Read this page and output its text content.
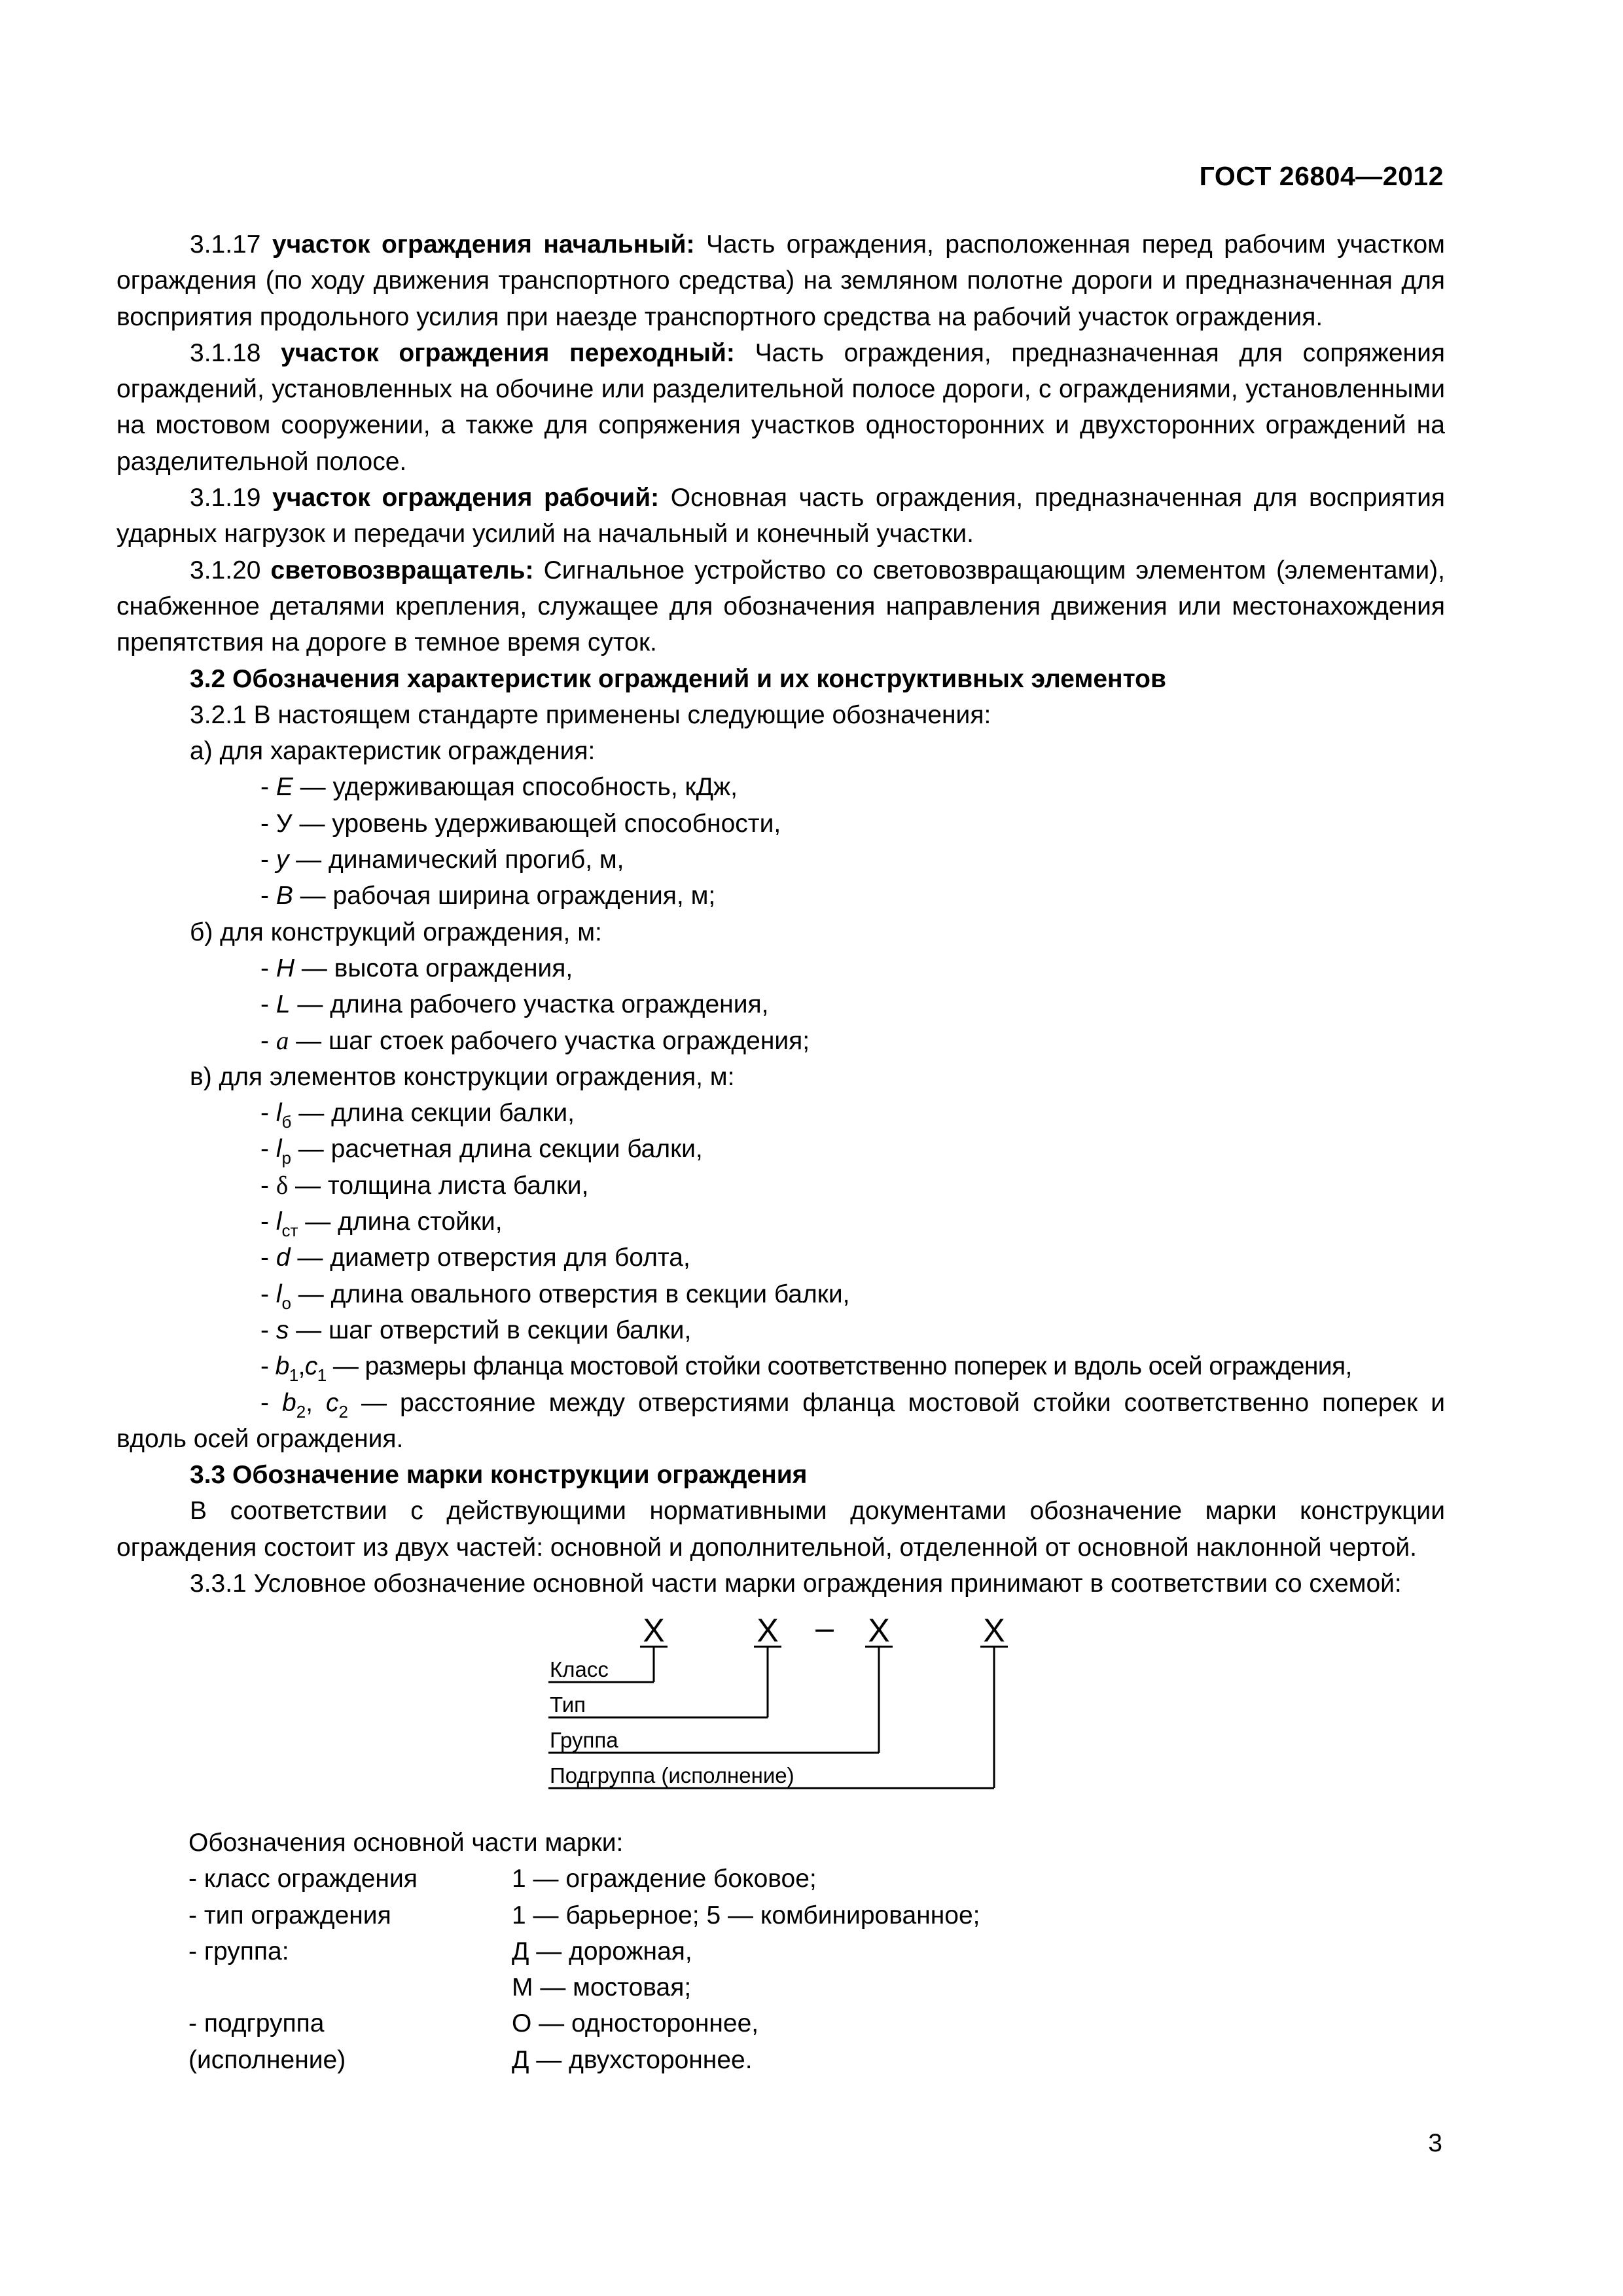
ГОСТ 26804—2012

3.1.17 участок ограждения начальный: Часть ограждения, расположенная перед рабочим участком ограждения (по ходу движения транспортного средства) на земляном полотне дороги и предназначенная для восприятия продольного усилия при наезде транспортного средства на рабочий участок ограждения.

3.1.18 участок ограждения переходный: Часть ограждения, предназначенная для сопряжения ограждений, установленных на обочине или разделительной полосе дороги, с ограждениями, установленными на мостовом сооружении, а также для сопряжения участков односторонних и двухсторонних ограждений на разделительной полосе.

3.1.19 участок ограждения рабочий: Основная часть ограждения, предназначенная для восприятия ударных нагрузок и передачи усилий на начальный и конечный участки.

3.1.20 световозвращатель: Сигнальное устройство со световозвращающим элементом (элементами), снабженное деталями крепления, служащее для обозначения направления движения или местонахождения препятствия на дороге в темное время суток.

3.2 Обозначения характеристик ограждений и их конструктивных элементов

3.2.1 В настоящем стандарте применены следующие обозначения:

а) для характеристик ограждения:

- E — удерживающая способность, кДж,

- У — уровень удерживающей способности,

- y — динамический прогиб, м,

- B — рабочая ширина ограждения, м;

б) для конструкций ограждения, м:

- H — высота ограждения,

- L — длина рабочего участка ограждения,

- a — шаг стоек рабочего участка ограждения;

в) для элементов конструкции ограждения, м:

- $l_б$ — длина секции балки,

- $l_р$ — расчетная длина секции балки,

- δ — толщина листа балки,

- $l_{ст}$ — длина стойки,

- d — диаметр отверстия для болта,

- $l_о$ — длина овального отверстия в секции балки,

- s — шаг отверстий в секции балки,

- $b_1,c_1$ — размеры фланца мостовой стойки соответственно поперек и вдоль осей ограждения,

- $b_2$, $c_2$ — расстояние между отверстиями фланца мостовой стойки соответственно поперек и вдоль осей ограждения.

3.3 Обозначение марки конструкции ограждения

В соответствии с действующими нормативными документами обозначение марки конструкции ограждения состоит из двух частей: основной и дополнительной, отделенной от основной наклонной чертой.

3.3.1 Условное обозначение основной части марки ограждения принимают в соответствии со схемой:

Х	Х – Х	Х
Класс
Тип
Группа
Подгруппа (исполнение)
Обозначения основной части марки:
- класс ограждения	1 — ограждение боковое;
- тип ограждения	1 — барьерное; 5 — комбинированное;
- группа:	Д — дорожная,
М — мостовая;
- подгруппа	О — одностороннее,
(исполнение)	Д — двухстороннее.
3
